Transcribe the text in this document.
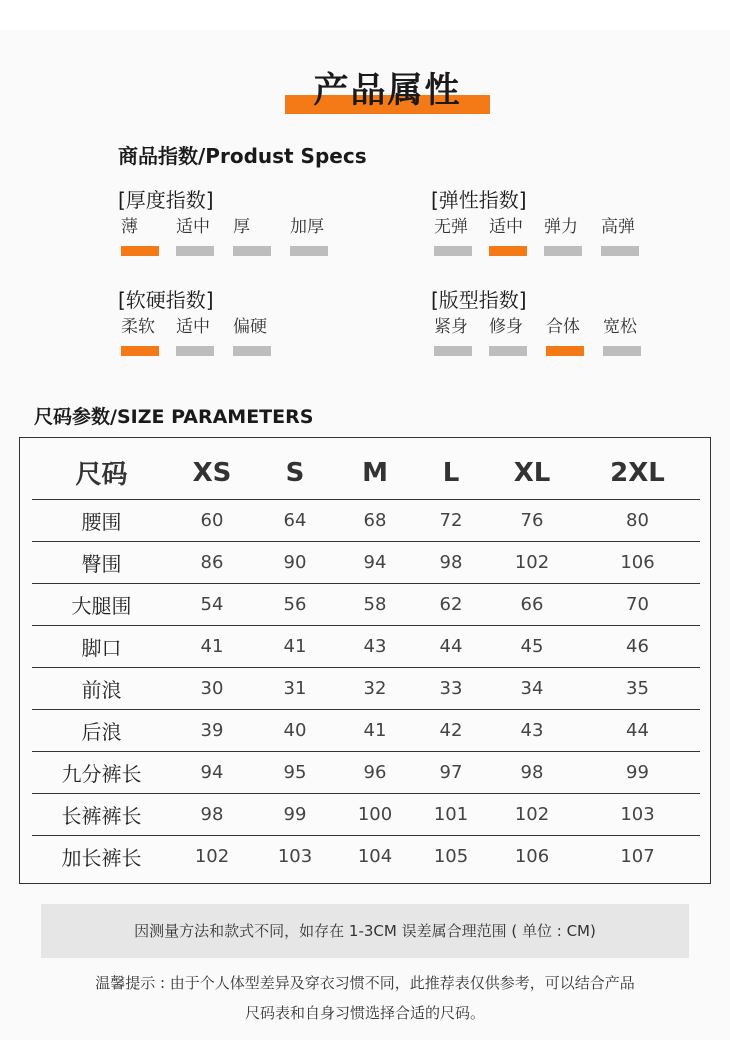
产品属性
商品指数/Produst Specs
[厚度指数]
薄	适中	厚	加厚
[弹性指数]
无弹	适中	弹力	高弹
[软硬指数]
柔软	适中	偏硬
[版型指数]
紧身	修身	合体	宽松
尺码参数/SIZE PARAMETERS
尺码	XS	S	M	L	XL	2XL
腰围	60	64	68	72	76	80
臀围	86	90	94	98	102	106
大腿围	54	56	58	62	66	70
脚口	41	41	43	44	45	46
前浪	30	31	32	33	34	35
后浪	39	40	41	42	43	44
九分裤长	94	95	96	97	98	99
长裤裤长	98	99	100	101	102	103
加长裤长	102	103	104	105	106	107
因测量方法和款式不同，如存在 1-3CM 误差属合理范围 ( 单位 : CM)
温馨提示 : 由于个人体型差异及穿衣习惯不同，此推荐表仅供参考，可以结合产品
尺码表和自身习惯选择合适的尺码。
